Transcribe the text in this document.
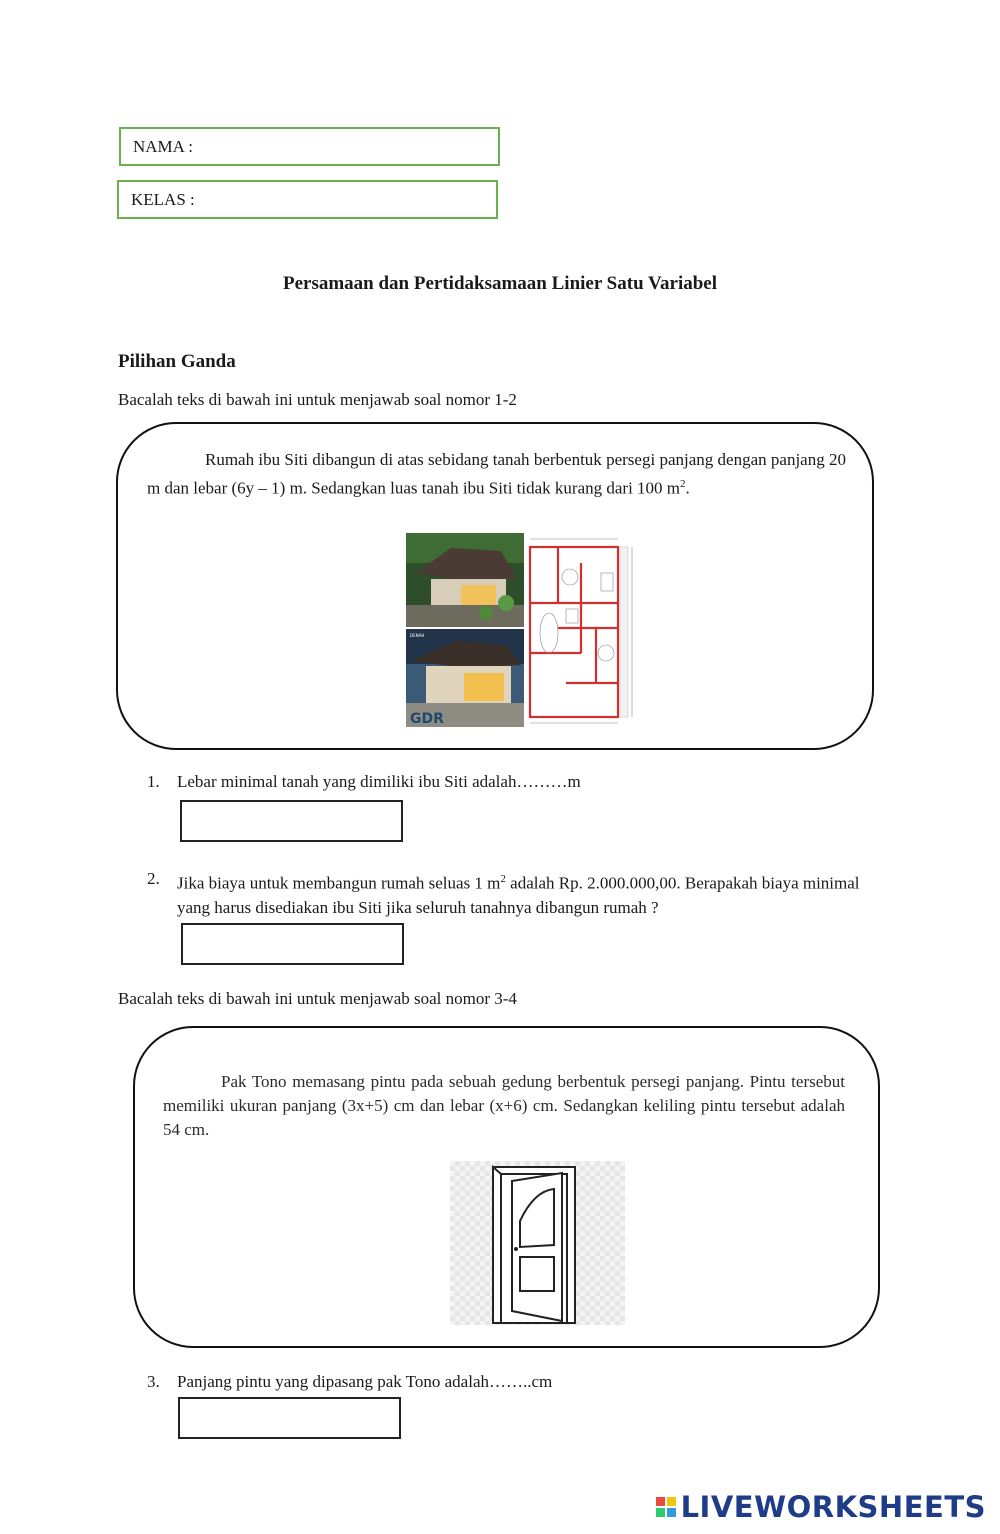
NAMA :
KELAS :
Persamaan dan Pertidaksamaan Linier Satu Variabel
Pilihan Ganda
Bacalah teks di bawah ini untuk menjawab soal nomor 1-2

Rumah ibu Siti dibangun di atas sebidang tanah berbentuk persegi panjang dengan panjang 20 m dan lebar (6y – 1) m. Sedangkan luas tanah ibu Siti tidak kurang dari 100 $m^2$.

GDR
DENAH
1. Lebar minimal tanah yang dimiliki ibu Siti adalah………m
2. Jika biaya untuk membangun rumah seluas 1 $m^2$ adalah Rp. 2.000.000,00. Berapakah biaya minimal yang harus disediakan ibu Siti jika seluruh tanahnya dibangun rumah ?
Bacalah teks di bawah ini untuk menjawab soal nomor 3-4

Pak Tono memasang pintu pada sebuah gedung berbentuk persegi panjang. Pintu tersebut memiliki ukuran panjang (3x+5) cm dan lebar (x+6) cm. Sedangkan keliling pintu tersebut adalah 54 cm.

3. Panjang pintu yang dipasang pak Tono adalah……..cm
LIVEWORKSHEETS
